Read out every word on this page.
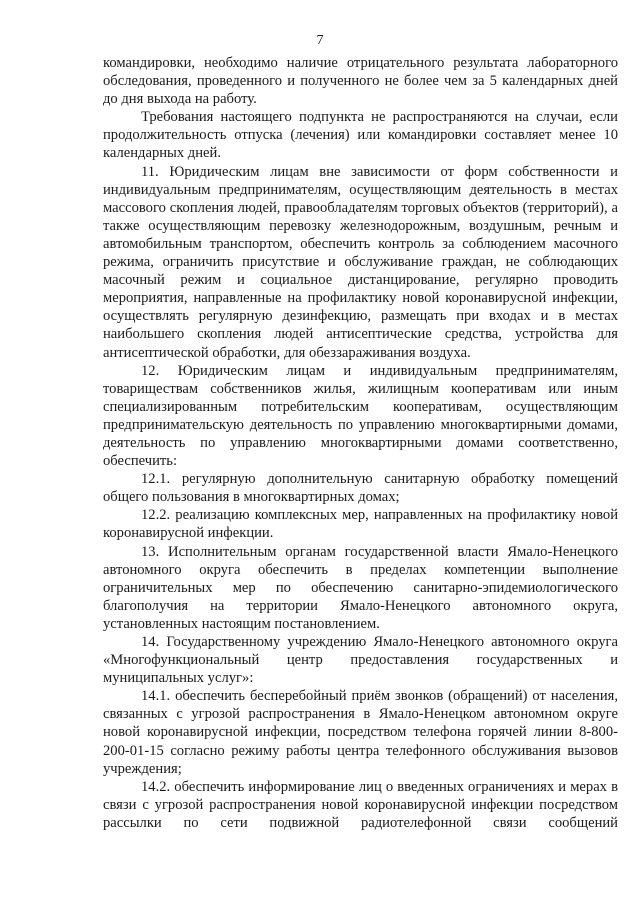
7

командировки, необходимо наличие отрицательного результата лабораторного обследования, проведенного и полученного не более чем за 5 календарных дней до дня выхода на работу.

Требования настоящего подпункта не распространяются на случаи, если продолжительность отпуска (лечения) или командировки составляет менее 10 календарных дней.

11. Юридическим лицам вне зависимости от форм собственности и индивидуальным предпринимателям, осуществляющим деятельность в местах массового скопления людей, правообладателям торговых объектов (территорий), а также осуществляющим перевозку железнодорожным, воздушным, речным и автомобильным транспортом, обеспечить контроль за соблюдением масочного режима, ограничить присутствие и обслуживание граждан, не соблюдающих масочный режим и социальное дистанцирование, регулярно проводить мероприятия, направленные на профилактику новой коронавирусной инфекции, осуществлять регулярную дезинфекцию, размещать при входах и в местах наибольшего скопления людей антисептические средства, устройства для антисептической обработки, для обеззараживания воздуха.

12. Юридическим лицам и индивидуальным предпринимателям, товариществам собственников жилья, жилищным кооперативам или иным специализированным потребительским кооперативам, осуществляющим предпринимательскую деятельность по управлению многоквартирными домами, деятельность по управлению многоквартирными домами соответственно, обеспечить:

12.1. регулярную дополнительную санитарную обработку помещений общего пользования в многоквартирных домах;

12.2. реализацию комплексных мер, направленных на профилактику новой коронавирусной инфекции.

13. Исполнительным органам государственной власти Ямало-Ненецкого автономного округа обеспечить в пределах компетенции выполнение ограничительных мер по обеспечению санитарно-эпидемиологического благополучия на территории Ямало-Ненецкого автономного округа, установленных настоящим постановлением.

14. Государственному учреждению Ямало-Ненецкого автономного округа «Многофункциональный центр предоставления государственных и муниципальных услуг»:

14.1. обеспечить бесперебойный приём звонков (обращений) от населения, связанных с угрозой распространения в Ямало-Ненецком автономном округе новой коронавирусной инфекции, посредством телефона горячей линии 8-800-200-01-15 согласно режиму работы центра телефонного обслуживания вызовов учреждения;

14.2. обеспечить информирование лиц о введенных ограничениях и мерах в связи с угрозой распространения новой коронавирусной инфекции посредством рассылки по сети подвижной радиотелефонной связи сообщений
